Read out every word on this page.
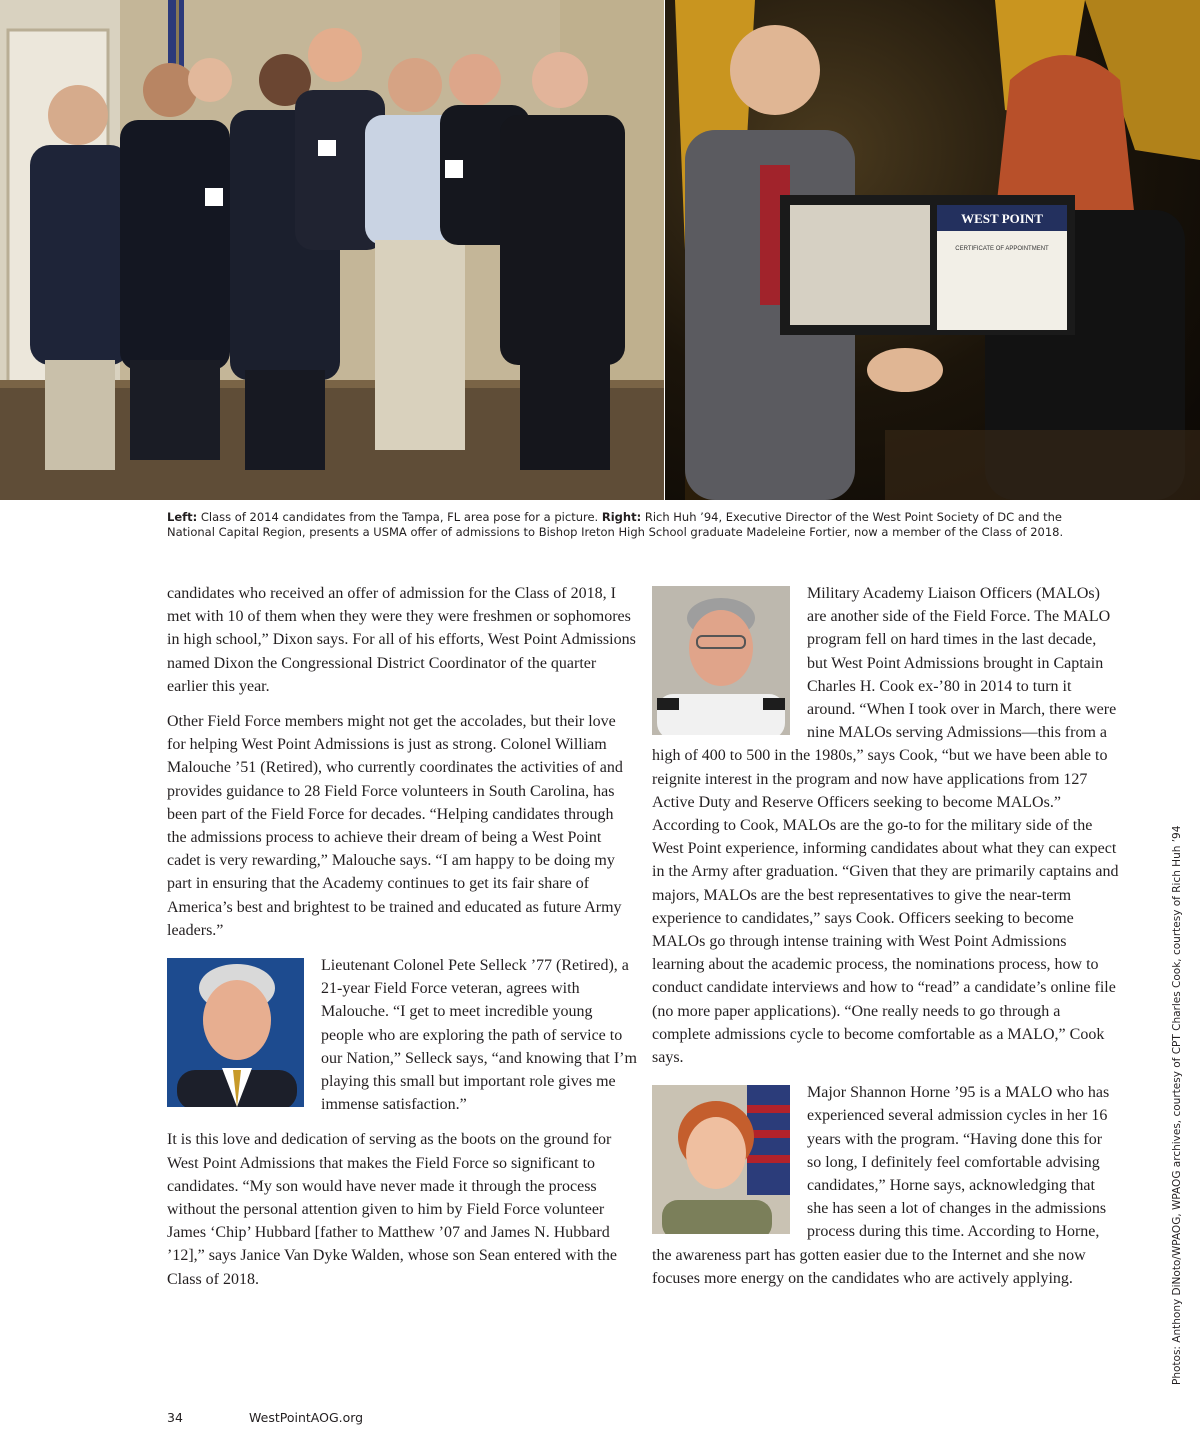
WEST POINT
CERTIFICATE OF APPOINTMENT
Left: Class of 2014 candidates from the Tampa, FL area pose for a picture. Right: Rich Huh ’94, Executive Director of the West Point Society of DC and the National Capital Region, presents a USMA offer of admissions to Bishop Ireton High School graduate Madeleine Fortier, now a member of the Class of 2018.

candidates who received an offer of admission for the Class of 2018, I met with 10 of them when they were they were freshmen or sophomores in high school,” Dixon says. For all of his efforts, West Point Admissions named Dixon the Congressional District Coordinator of the quarter earlier this year.

Other Field Force members might not get the accolades, but their love for helping West Point Admissions is just as strong. Colonel William Malouche ’51 (Retired), who currently coordinates the activities of and provides guidance to 28 Field Force volunteers in South Carolina, has been part of the Field Force for decades. “Helping candidates through the admissions process to achieve their dream of being a West Point cadet is very rewarding,” Malouche says. “I am happy to be doing my part in ensuring that the Academy continues to get its fair share of America’s best and brightest to be trained and educated as future Army leaders.”

Lieutenant Colonel Pete Selleck ’77 (Retired), a 21-year Field Force veteran, agrees with Malouche. “I get to meet incredible young people who are exploring the path of service to our Nation,” Selleck says, “and knowing that I’m playing this small but important role gives me immense satisfaction.”

It is this love and dedication of serving as the boots on the ground for West Point Admissions that makes the Field Force so significant to candidates. “My son would have never made it through the process without the personal attention given to him by Field Force volunteer James ‘Chip’ Hubbard [father to Matthew ’07 and James N. Hubbard ’12],” says Janice Van Dyke Walden, whose son Sean entered with the Class of 2018.

Military Academy Liaison Officers (MALOs) are another side of the Field Force. The MALO program fell on hard times in the last decade, but West Point Admissions brought in Captain Charles H. Cook ex-’80 in 2014 to turn it around. “When I took over in March, there were nine MALOs serving Admissions—this from a high of 400 to 500 in the 1980s,” says Cook, “but we have been able to reignite interest in the program and now have applications from 127 Active Duty and Reserve Officers seeking to become MALOs.” According to Cook, MALOs are the go-to for the military side of the West Point experience, informing candidates about what they can expect in the Army after graduation. “Given that they are primarily captains and majors, MALOs are the best representatives to give the near-term experience to candidates,” says Cook. Officers seeking to become MALOs go through intense training with West Point Admissions learning about the academic process, the nominations process, how to conduct candidate interviews and how to “read” a candidate’s online file (no more paper applications). “One really needs to go through a complete admissions cycle to become comfortable as a MALO,” Cook says.

Major Shannon Horne ’95 is a MALO who has experienced several admission cycles in her 16 years with the program. “Having done this for so long, I definitely feel comfortable advising candidates,” Horne says, acknowledging that she has seen a lot of changes in the admissions process during this time. According to Horne, the awareness part has gotten easier due to the Internet and she now focuses more energy on the candidates who are actively applying.	Photos: Anthony DiNoto/WPAOG, WPAOG archives, courtesy of CPT Charles Cook, courtesy of Rich Huh ’94
34	WestPointAOG.org
